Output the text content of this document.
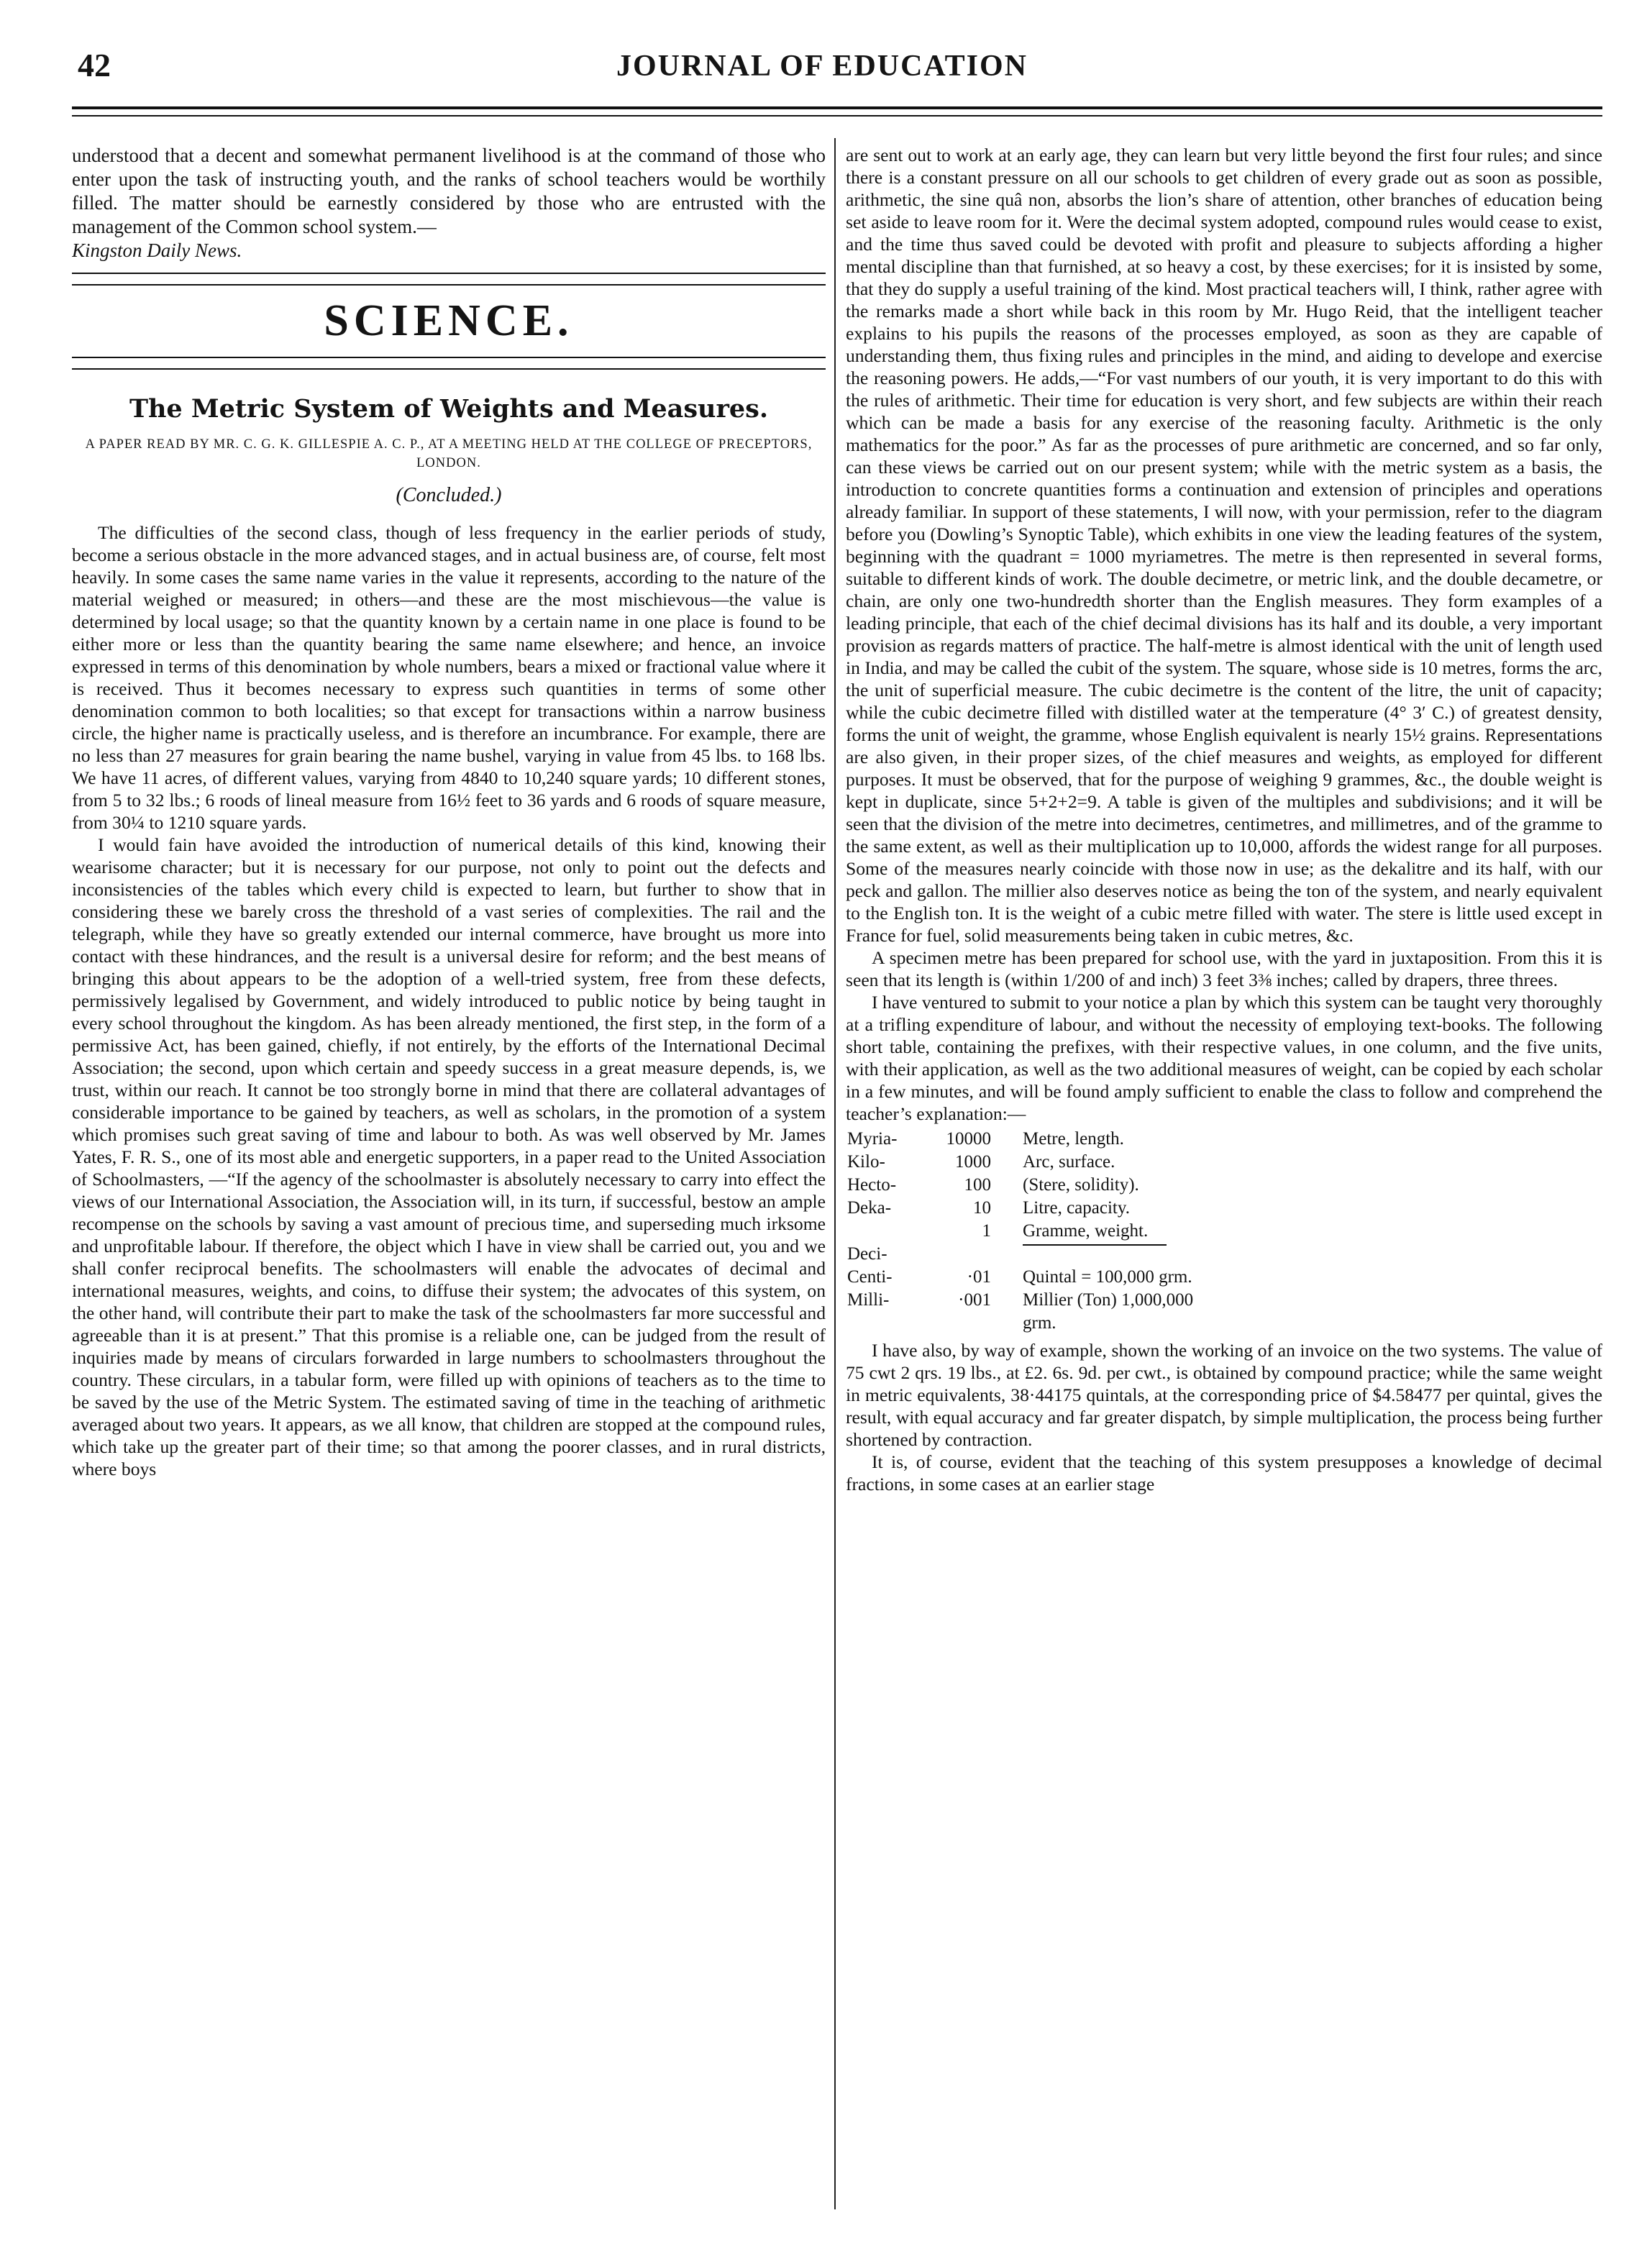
42	JOURNAL OF EDUCATION

understood that a decent and somewhat permanent livelihood is at the command of those who enter upon the task of instructing youth, and the ranks of school teachers would be worthily filled. The matter should be earnestly considered by those who are entrusted with the management of the Common school system.—
Kingston Daily News.

SCIENCE.
The Metric System of Weights and Measures.
A PAPER READ BY MR. C. G. K. GILLESPIE A. C. P., AT A MEETING HELD AT THE COLLEGE OF PRECEPTORS, LONDON.
(Concluded.)

The difficulties of the second class, though of less frequency in the earlier periods of study, become a serious obstacle in the more advanced stages, and in actual business are, of course, felt most heavily. In some cases the same name varies in the value it represents, according to the nature of the material weighed or measured; in others—and these are the most mischievous—the value is determined by local usage; so that the quantity known by a certain name in one place is found to be either more or less than the quantity bearing the same name elsewhere; and hence, an invoice expressed in terms of this denomination by whole numbers, bears a mixed or fractional value where it is received. Thus it becomes necessary to express such quantities in terms of some other denomination common to both localities; so that except for transactions within a narrow business circle, the higher name is practically useless, and is therefore an incumbrance. For example, there are no less than 27 measures for grain bearing the name bushel, varying in value from 45 lbs. to 168 lbs. We have 11 acres, of different values, varying from 4840 to 10,240 square yards; 10 different stones, from 5 to 32 lbs.; 6 roods of lineal measure from 16½ feet to 36 yards and 6 roods of square measure, from 30¼ to 1210 square yards.

I would fain have avoided the introduction of numerical details of this kind, knowing their wearisome character; but it is necessary for our purpose, not only to point out the defects and inconsistencies of the tables which every child is expected to learn, but further to show that in considering these we barely cross the threshold of a vast series of complexities. The rail and the telegraph, while they have so greatly extended our internal commerce, have brought us more into contact with these hindrances, and the result is a universal desire for reform; and the best means of bringing this about appears to be the adoption of a well-tried system, free from these defects, permissively legalised by Government, and widely introduced to public notice by being taught in every school throughout the kingdom. As has been already mentioned, the first step, in the form of a permissive Act, has been gained, chiefly, if not entirely, by the efforts of the International Decimal Association; the second, upon which certain and speedy success in a great measure depends, is, we trust, within our reach. It cannot be too strongly borne in mind that there are collateral advantages of considerable importance to be gained by teachers, as well as scholars, in the promotion of a system which promises such great saving of time and labour to both. As was well observed by Mr. James Yates, F. R. S., one of its most able and energetic supporters, in a paper read to the United Association of Schoolmasters, —“If the agency of the schoolmaster is absolutely necessary to carry into effect the views of our International Association, the Association will, in its turn, if successful, bestow an ample recompense on the schools by saving a vast amount of precious time, and superseding much irksome and unprofitable labour. If therefore, the object which I have in view shall be carried out, you and we shall confer reciprocal benefits. The schoolmasters will enable the advocates of decimal and international measures, weights, and coins, to diffuse their system; the advocates of this system, on the other hand, will contribute their part to make the task of the schoolmasters far more successful and agreeable than it is at present.” That this promise is a reliable one, can be judged from the result of inquiries made by means of circulars forwarded in large numbers to schoolmasters throughout the country. These circulars, in a tabular form, were filled up with opinions of teachers as to the time to be saved by the use of the Metric System. The estimated saving of time in the teaching of arithmetic averaged about two years. It appears, as we all know, that children are stopped at the compound rules, which take up the greater part of their time; so that among the poorer classes, and in rural districts, where boys

are sent out to work at an early age, they can learn but very little beyond the first four rules; and since there is a constant pressure on all our schools to get children of every grade out as soon as possible, arithmetic, the sine quâ non, absorbs the lion’s share of attention, other branches of education being set aside to leave room for it. Were the decimal system adopted, compound rules would cease to exist, and the time thus saved could be devoted with profit and pleasure to subjects affording a higher mental discipline than that furnished, at so heavy a cost, by these exercises; for it is insisted by some, that they do supply a useful training of the kind. Most practical teachers will, I think, rather agree with the remarks made a short while back in this room by Mr. Hugo Reid, that the intelligent teacher explains to his pupils the reasons of the processes employed, as soon as they are capable of understanding them, thus fixing rules and principles in the mind, and aiding to develope and exercise the reasoning powers. He adds,—“For vast numbers of our youth, it is very important to do this with the rules of arithmetic. Their time for education is very short, and few subjects are within their reach which can be made a basis for any exercise of the reasoning faculty. Arithmetic is the only mathematics for the poor.” As far as the processes of pure arithmetic are concerned, and so far only, can these views be carried out on our present system; while with the metric system as a basis, the introduction to concrete quantities forms a continuation and extension of principles and operations already familiar. In support of these statements, I will now, with your permission, refer to the diagram before you (Dowling’s Synoptic Table), which exhibits in one view the leading features of the system, beginning with the quadrant = 1000 myriametres. The metre is then represented in several forms, suitable to different kinds of work. The double decimetre, or metric link, and the double decametre, or chain, are only one two-hundredth shorter than the English measures. They form examples of a leading principle, that each of the chief decimal divisions has its half and its double, a very important provision as regards matters of practice. The half-metre is almost identical with the unit of length used in India, and may be called the cubit of the system. The square, whose side is 10 metres, forms the arc, the unit of superficial measure. The cubic decimetre is the content of the litre, the unit of capacity; while the cubic decimetre filled with distilled water at the temperature (4° 3′ C.) of greatest density, forms the unit of weight, the gramme, whose English equivalent is nearly 15½ grains. Representations are also given, in their proper sizes, of the chief measures and weights, as employed for different purposes. It must be observed, that for the purpose of weighing 9 grammes, &c., the double weight is kept in duplicate, since 5+2+2=9. A table is given of the multiples and subdivisions; and it will be seen that the division of the metre into decimetres, centimetres, and millimetres, and of the gramme to the same extent, as well as their multiplication up to 10,000, affords the widest range for all purposes. Some of the measures nearly coincide with those now in use; as the dekalitre and its half, with our peck and gallon. The millier also deserves notice as being the ton of the system, and nearly equivalent to the English ton. It is the weight of a cubic metre filled with water. The stere is little used except in France for fuel, solid measurements being taken in cubic metres, &c.

A specimen metre has been prepared for school use, with the yard in juxtaposition. From this it is seen that its length is (within 1/200 of and inch) 3 feet 3⅜ inches; called by drapers, three threes.

I have ventured to submit to your notice a plan by which this system can be taught very thoroughly at a trifling expenditure of labour, and without the necessity of employing text-books. The following short table, containing the prefixes, with their respective values, in one column, and the five units, with their application, as well as the two additional measures of weight, can be copied by each scholar in a few minutes, and will be found amply sufficient to enable the class to follow and comprehend the teacher’s explanation:—

Myria-	10000	Metre, length.
Kilo-	1000	Arc, surface.
Hecto-	100	(Stere, solidity).
Deka-	10	Litre, capacity.
	1	Gramme, weight.
Deci-		

Centi-	·01	Quintal = 100,000 grm.
Milli-	·001	Millier (Ton) 1,000,000 grm.

I have also, by way of example, shown the working of an invoice on the two systems. The value of 75 cwt 2 qrs. 19 lbs., at £2. 6s. 9d. per cwt., is obtained by compound practice; while the same weight in metric equivalents, 38·44175 quintals, at the corresponding price of $4.58477 per quintal, gives the result, with equal accuracy and far greater dispatch, by simple multiplication, the process being further shortened by contraction.

It is, of course, evident that the teaching of this system presupposes a knowledge of decimal fractions, in some cases at an earlier stage
